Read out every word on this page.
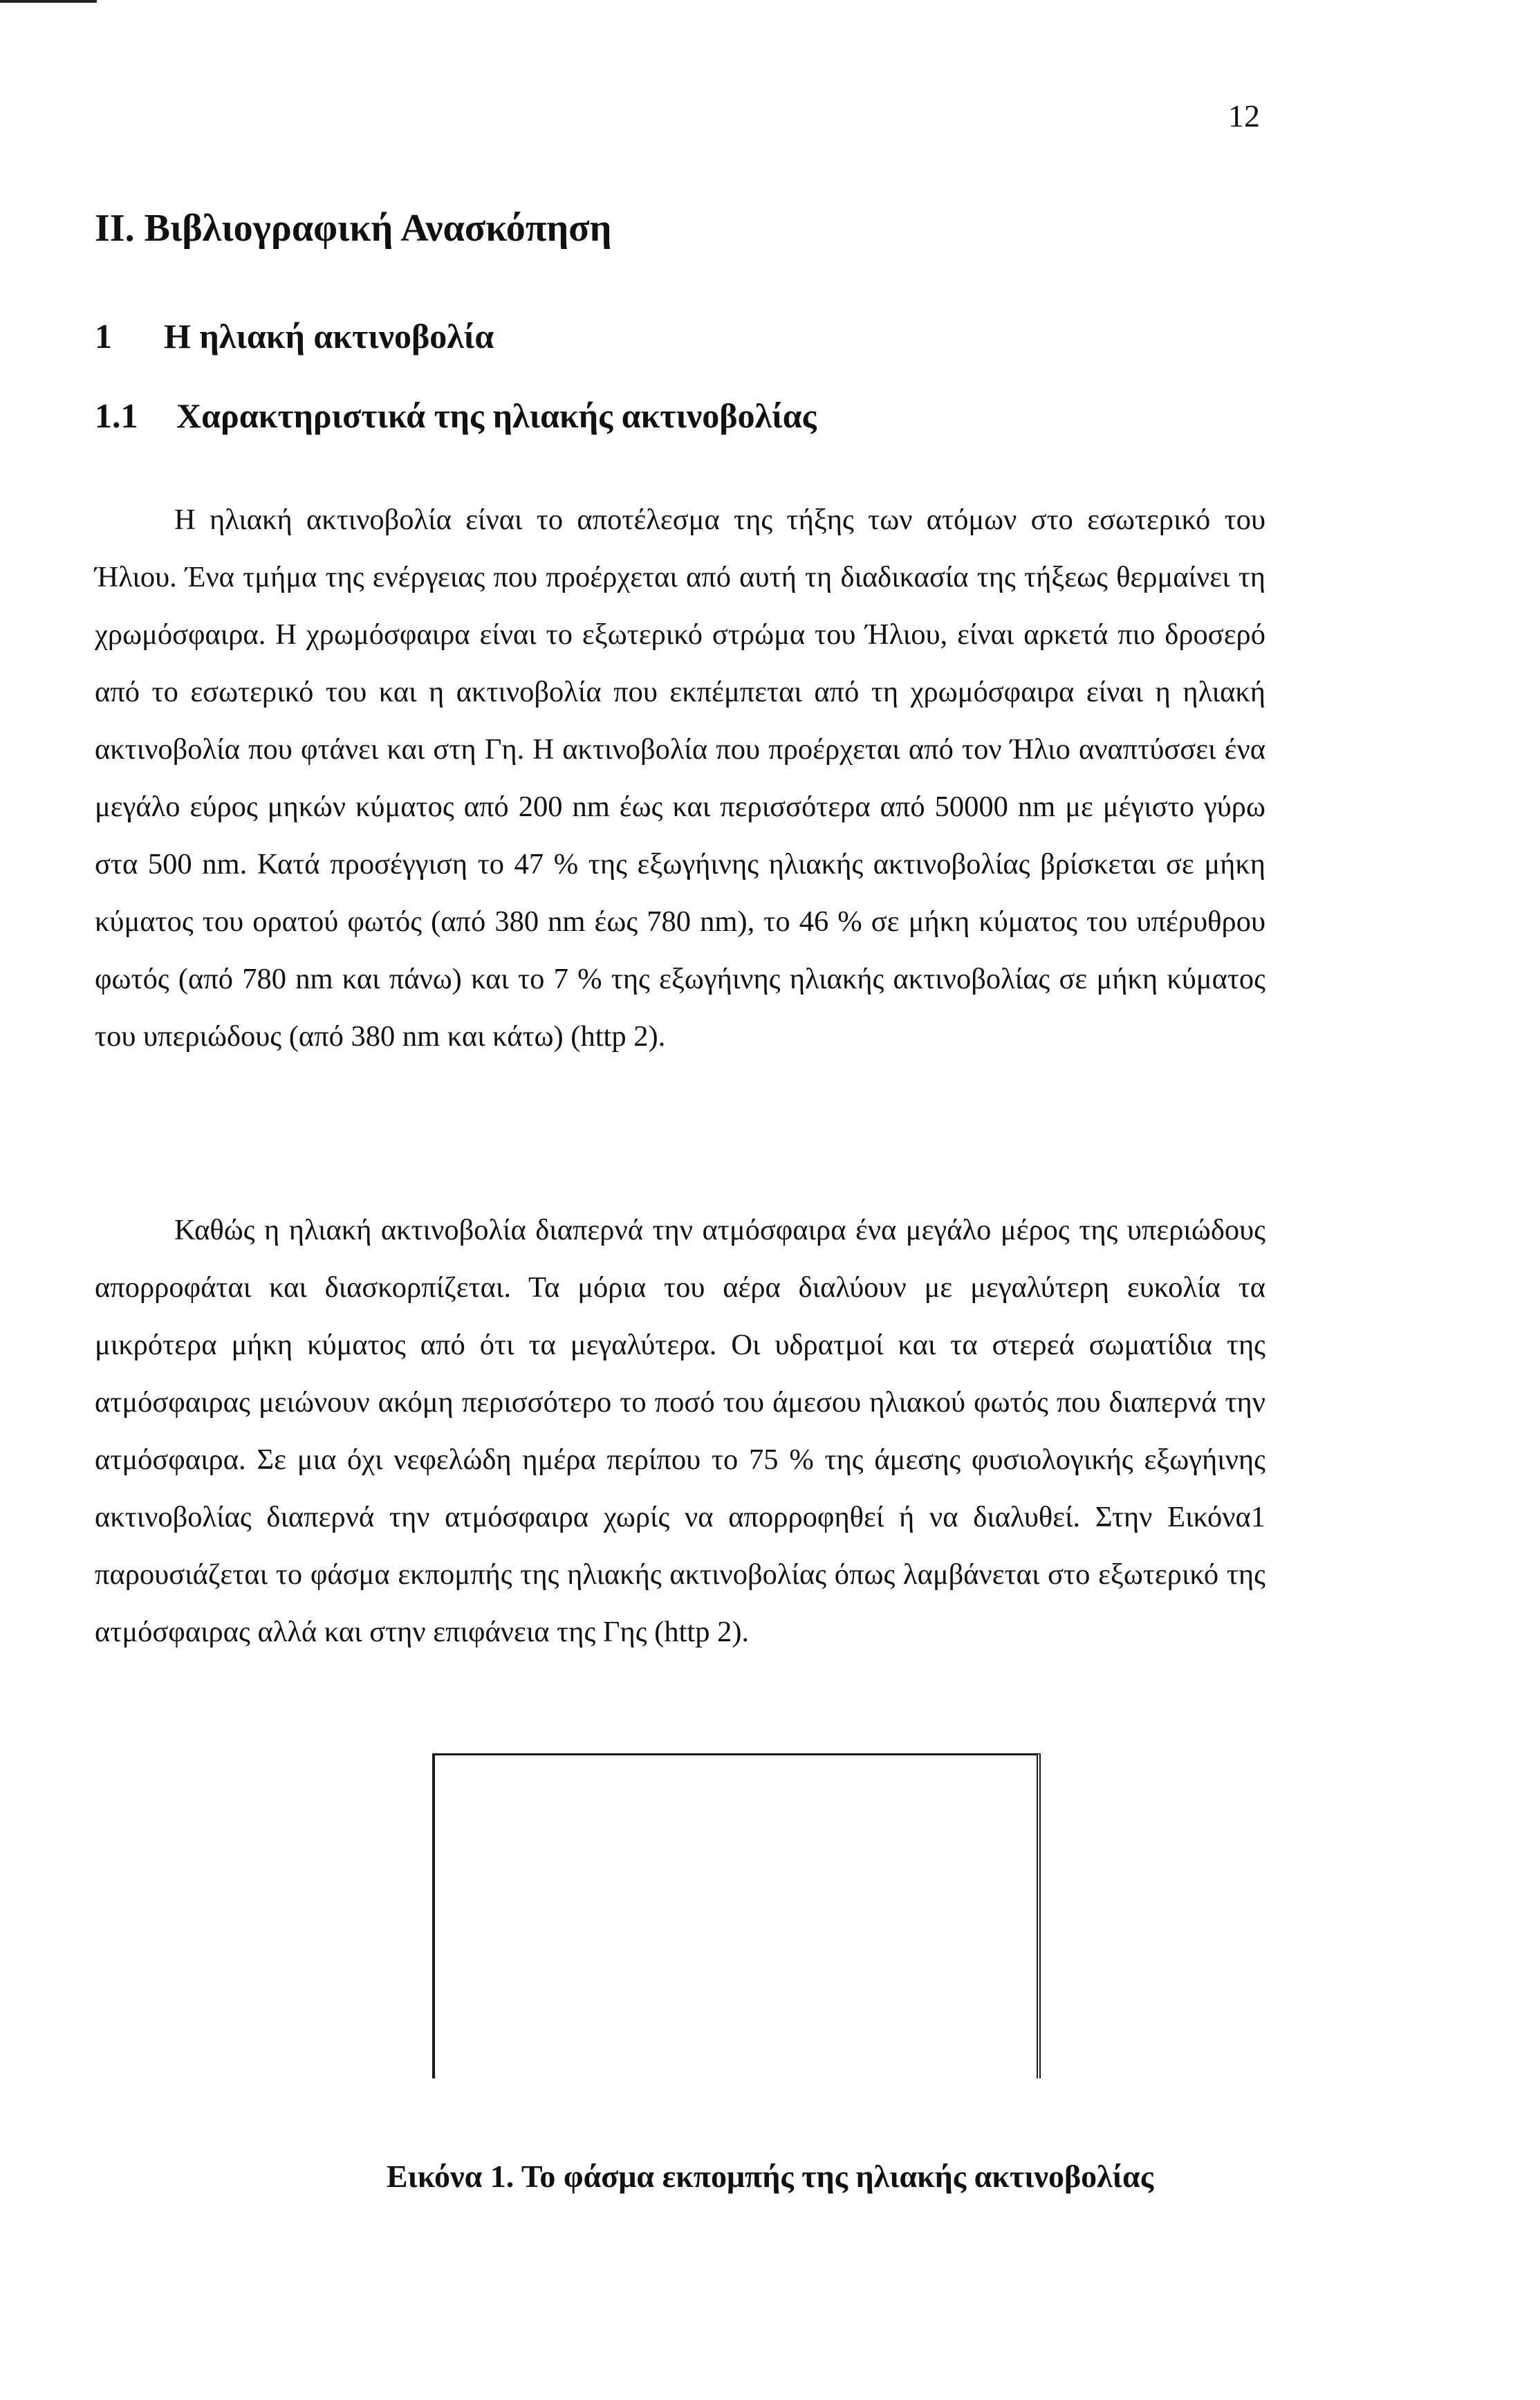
12
II. Βιβλιογραφική Ανασκόπηση
1 Η ηλιακή ακτινοβολία
1.1 Χαρακτηριστικά της ηλιακής ακτινοβολίας

Η ηλιακή ακτινοβολία είναι το αποτέλεσμα της τήξης των ατόμων στο εσωτερικό του Ήλιου. Ένα τμήμα της ενέργειας που προέρχεται από αυτή τη διαδικασία της τήξεως θερμαίνει τη χρωμόσφαιρα. Η χρωμόσφαιρα είναι το εξωτερικό στρώμα του Ήλιου, είναι αρκετά πιο δροσερό από το εσωτερικό του και η ακτινοβολία που εκπέμπεται από τη χρωμόσφαιρα είναι η ηλιακή ακτινοβολία που φτάνει και στη Γη. Η ακτινοβολία που προέρχεται από τον Ήλιο αναπτύσσει ένα μεγάλο εύρος μηκών κύματος από 200 nm έως και περισσότερα από 50000 nm με μέγιστο γύρω στα 500 nm. Κατά προσέγγιση το 47 % της εξωγήινης ηλιακής ακτινοβολίας βρίσκεται σε μήκη κύματος του ορατού φωτός (από 380 nm έως 780 nm), το 46 % σε μήκη κύματος του υπέρυθρου φωτός (από 780 nm και πάνω) και το 7 % της εξωγήινης ηλιακής ακτινοβολίας σε μήκη κύματος του υπεριώδους (από 380 nm και κάτω) (http 2).

Καθώς η ηλιακή ακτινοβολία διαπερνά την ατμόσφαιρα ένα μεγάλο μέρος της υπεριώδους απορροφάται και διασκορπίζεται. Τα μόρια του αέρα διαλύουν με μεγαλύτερη ευκολία τα μικρότερα μήκη κύματος από ότι τα μεγαλύτερα. Οι υδρατμοί και τα στερεά σωματίδια της ατμόσφαιρας μειώνουν ακόμη περισσότερο το ποσό του άμεσου ηλιακού φωτός που διαπερνά την ατμόσφαιρα. Σε μια όχι νεφελώδη ημέρα περίπου το 75 % της άμεσης φυσιολογικής εξωγήινης ακτινοβολίας διαπερνά την ατμόσφαιρα χωρίς να απορροφηθεί ή να διαλυθεί. Στην Εικόνα1 παρουσιάζεται το φάσμα εκπομπής της ηλιακής ακτινοβολίας όπως λαμβάνεται στο εξωτερικό της ατμόσφαιρας αλλά και στην επιφάνεια της Γης (http 2).

Εικόνα 1. Το φάσμα εκπομπής της ηλιακής ακτινοβολίας
